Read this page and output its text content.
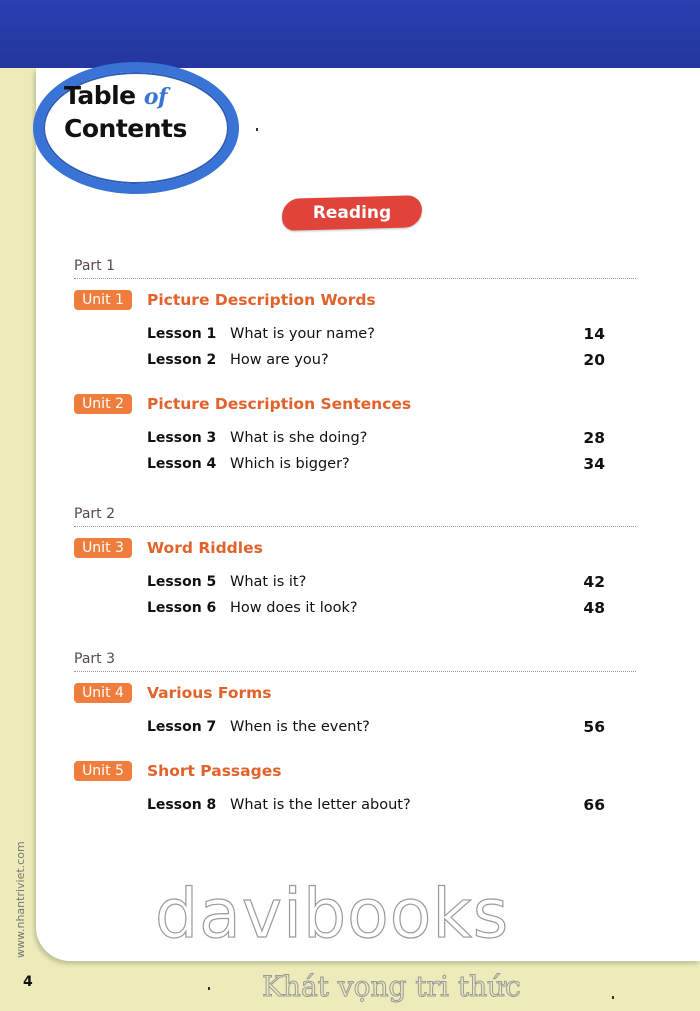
Table of
Contents
Reading
Part 1
Unit 1	Picture Description Words
Lesson 1 What is your name?	14
Lesson 2 How are you?	20
Unit 2	Picture Description Sentences
Lesson 3 What is she doing?	28
Lesson 4 Which is bigger?	34
Part 2
Unit 3	Word Riddles
Lesson 5 What is it?	42
Lesson 6 How does it look?	48
Part 3
Unit 4	Various Forms
Lesson 7 When is the event?	56
Unit 5	Short Passages
Lesson 8 What is the letter about?	66
www.nhantriviet.com
4
davibooks
Khát vọng tri thức
